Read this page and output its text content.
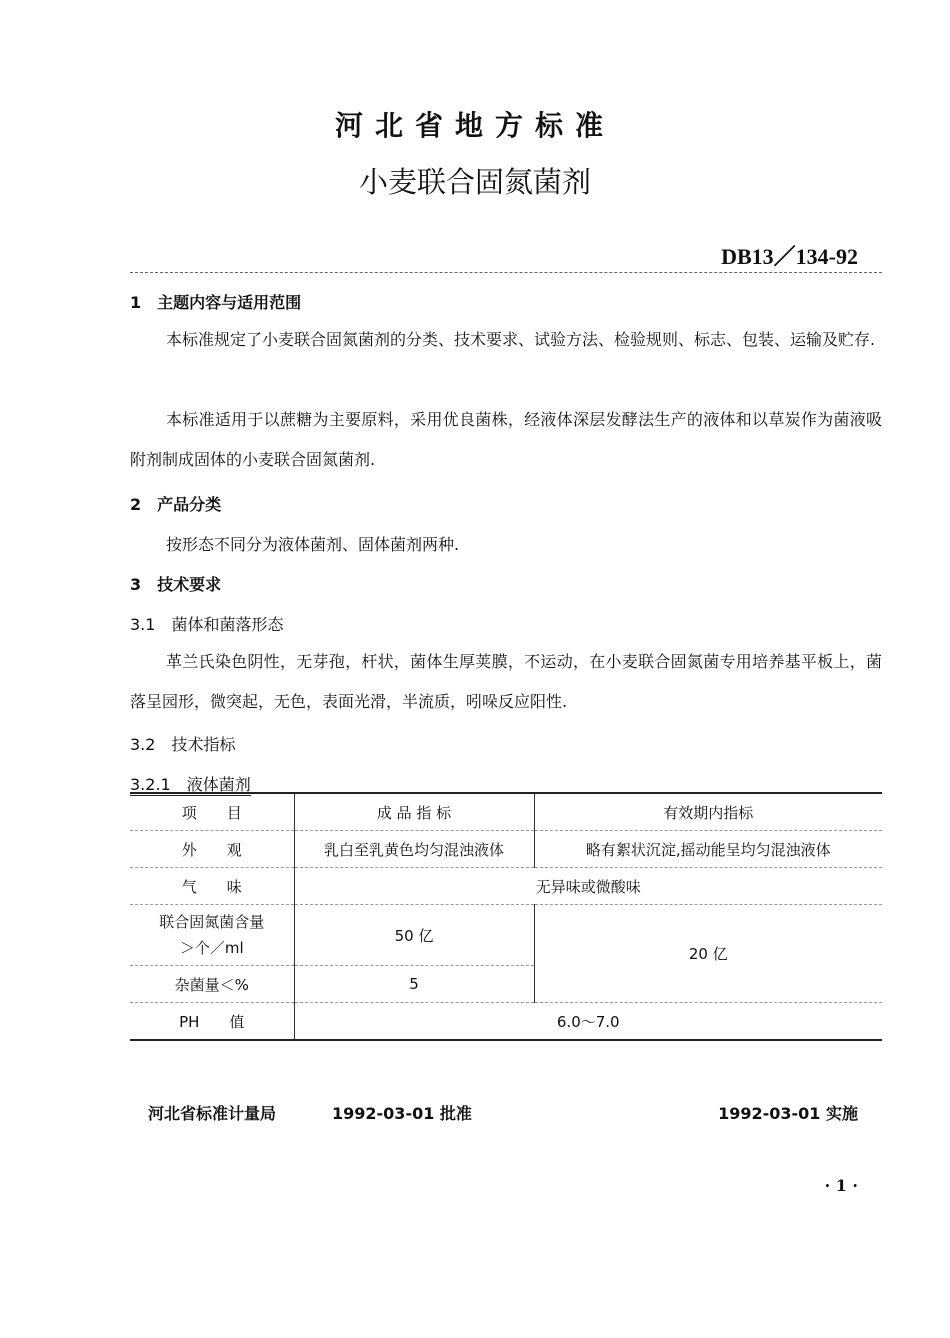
河北省地方标准
小麦联合固氮菌剂
DB13／134-92
1　主题内容与适用范围
本标准规定了小麦联合固氮菌剂的分类、技术要求、试验方法、检验规则、标志、包装、运输及贮存.
本标准适用于以蔗糖为主要原料，采用优良菌株，经液体深层发酵法生产的液体和以草炭作为菌液吸附剂制成固体的小麦联合固氮菌剂.
2　产品分类
按形态不同分为液体菌剂、固体菌剂两种.
3　技术要求
3.1　菌体和菌落形态
革兰氏染色阴性，无芽孢，杆状，菌体生厚荚膜，不运动，在小麦联合固氮菌专用培养基平板上，菌落呈园形，微突起，无色，表面光滑，半流质，吲哚反应阳性.
3.2　技术指标
3.2.1　液体菌剂
项　　目	成 品 指 标	有效期内指标
外　　观	乳白至乳黄色均匀混浊液体	略有絮状沉淀,摇动能呈均匀混浊液体
气　　味	无异味或微酸味	

联合固氮菌含量
＞个／ml	50 亿	20 亿
杂菌量＜%	5	
PH　　值	6.0～7.0	
河北省标准计量局	1992-03-01 批准	1992-03-01 实施
· 1 ·
